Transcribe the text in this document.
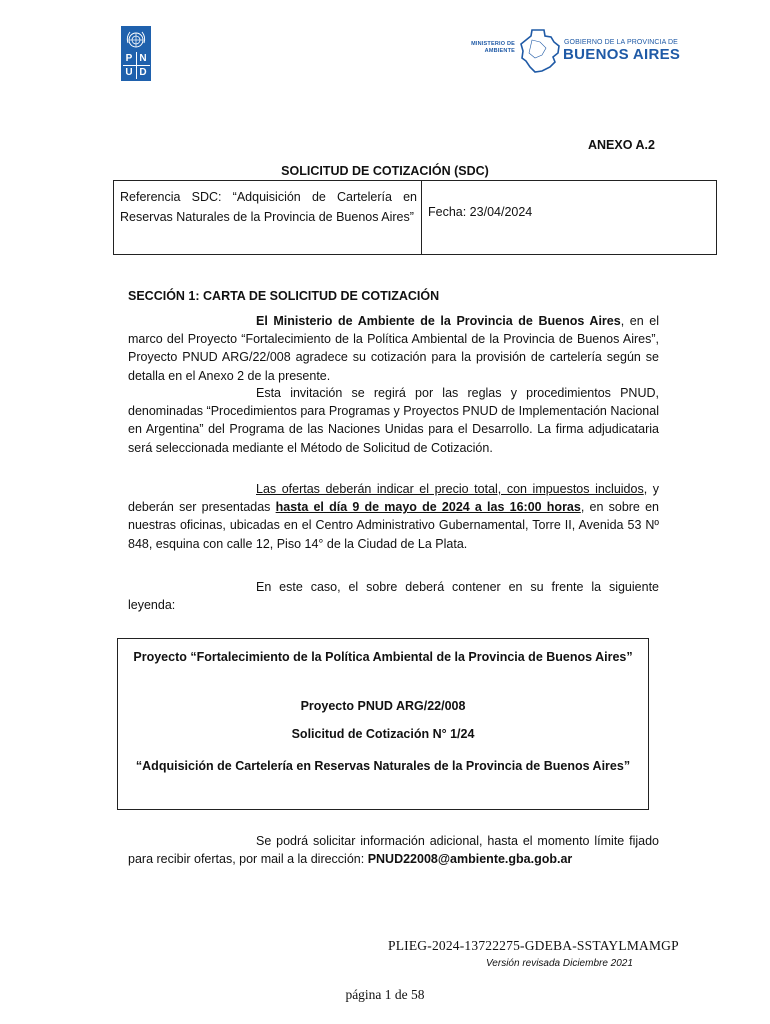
P N
U D
MINISTERIO DE
AMBIENTE
GOBIERNO DE LA PROVINCIA DE
BUENOS AIRES
ANEXO A.2
SOLICITUD DE COTIZACIÓN (SDC)
Referencia SDC: “Adquisición de Cartelería en Reservas Naturales de la Provincia de Buenos Aires” Fecha: 23/04/2024
SECCIÓN 1: CARTA DE SOLICITUD DE COTIZACIÓN
El Ministerio de Ambiente de la Provincia de Buenos Aires, en el marco del Proyecto “Fortalecimiento de la Política Ambiental de la Provincia de Buenos Aires”, Proyecto PNUD ARG/22/008 agradece su cotización para la provisión de cartelería según se detalla en el Anexo 2 de la presente.
Esta invitación se regirá por las reglas y procedimientos PNUD, denominadas “Procedimientos para Programas y Proyectos PNUD de Implementación Nacional en Argentina” del Programa de las Naciones Unidas para el Desarrollo. La firma adjudicataria será seleccionada mediante el Método de Solicitud de Cotización.
Las ofertas deberán indicar el precio total, con impuestos incluidos, y deberán ser presentadas hasta el día 9 de mayo de 2024 a las 16:00 horas, en sobre en nuestras oficinas, ubicadas en el Centro Administrativo Gubernamental, Torre II, Avenida 53 Nº 848, esquina con calle 12, Piso 14° de la Ciudad de La Plata.
En este caso, el sobre deberá contener en su frente la siguiente leyenda:
Proyecto “Fortalecimiento de la Política Ambiental de la Provincia de Buenos Aires”
Proyecto PNUD ARG/22/008
Solicitud de Cotización N° 1/24
“Adquisición de Cartelería en Reservas Naturales de la Provincia de Buenos Aires”
Se podrá solicitar información adicional, hasta el momento límite fijado para recibir ofertas, por mail a la dirección: PNUD22008@ambiente.gba.gob.ar
PLIEG-2024-13722275-GDEBA-SSTAYLMAMGP
Versión revisada Diciembre 2021
página 1 de 58
